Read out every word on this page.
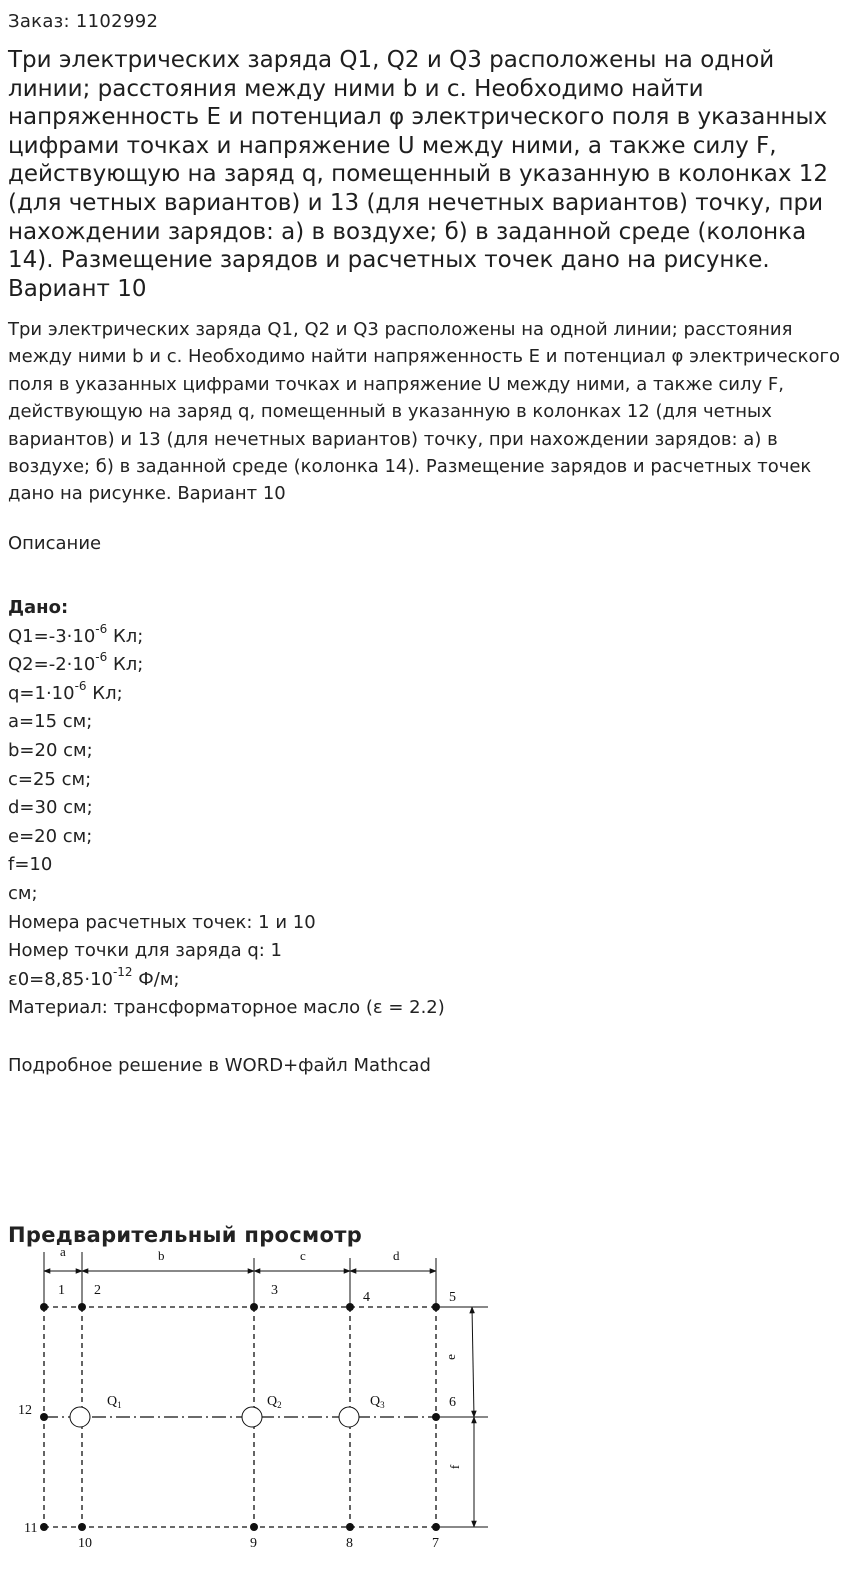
Заказ: 1102992
Три электрических заряда Q1, Q2 и Q3 расположены на одной линии; расстояния между ними b и с. Необходимо найти напряженность E и потенциал φ электрического поля в указанных цифрами точках и напряжение U между ними, а также силу F, действующую на заряд q, помещенный в указанную в колонках 12 (для четных вариантов) и 13 (для нечетных вариантов) точку, при нахождении зарядов: а) в воздухе; б) в заданной среде (колонка 14). Размещение зарядов и расчетных точек дано на рисунке. Вариант 10
Три электрических заряда Q1, Q2 и Q3 расположены на одной линии; расстояния между ними b и с. Необходимо найти напряженность E и потенциал φ электрического поля в указанных цифрами точках и напряжение U между ними, а также силу F, действующую на заряд q, помещенный в указанную в колонках 12 (для четных вариантов) и 13 (для нечетных вариантов) точку, при нахождении зарядов: а) в воздухе; б) в заданной среде (колонка 14). Размещение зарядов и расчетных точек дано на рисунке. Вариант 10
Описание
Дано:
$Q1=-3\cdot 10^{-6}$ Кл;
$Q2=-2\cdot 10^{-6}$ Кл;
$q=1\cdot 10^{-6}$ Кл;
a=15 см;
b=20 см;
c=25 см;
d=30 см;
e=20 см;
f=10
см;
Номера расчетных точек: 1 и 10
Номер точки для заряда q: 1
$\varepsilon 0=8,85\cdot 10^{-12}$ Ф/м;
Материал: трансформаторное масло (ε = 2.2)
Подробное решение в WORD+файл Mathcad
Предварительный просмотр
a	b	c	d
e
f
$Q_1$	$Q_2$	$Q_3$
1 2	3	4	5
6
7
8
9
10
11
12
